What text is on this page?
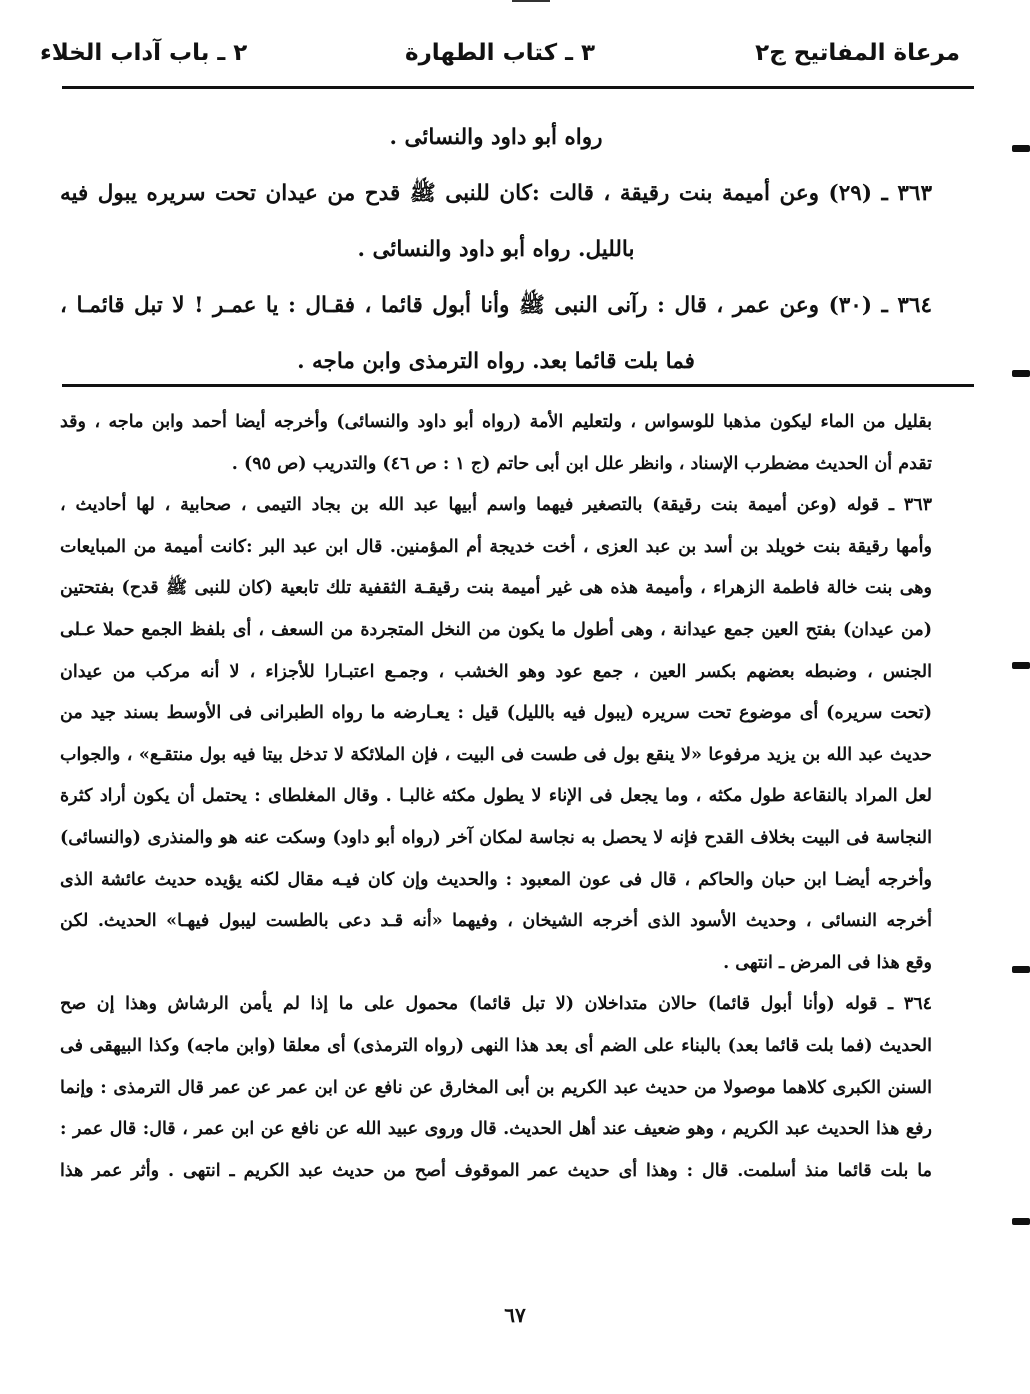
مرعاة المفاتيح ج٢
٣ ـ كتاب الطهارة
٢ ـ باب آداب الخلاء
رواه أبو داود والنسائى .
٣٦٣ ـ (٢٩) وعن أميمة بنت رقيقة ، قالت :كان للنبى ﷺ قدح من عيدان تحت سريره يبول فيه
بالليل. رواه أبو داود والنسائى .
٣٦٤ ـ (٣٠) وعن عمر ، قال : رآنى النبى ﷺ وأنا أبول قائما ، فقـال : يا عمـر ! لا تبل قائمـا ،
فما بلت قائما بعد. رواه الترمذى وابن ماجه .
بقليل من الماء ليكون مذهبا للوسواس ، ولتعليم الأمة (رواه أبو داود والنسائى) وأخرجه أيضا أحمد وابن ماجه ، وقد
تقدم أن الحديث مضطرب الإسناد ، وانظر علل ابن أبى حاتم (ج ١ : ص ٤٦) والتدريب (ص ٩٥) .
٣٦٣ ـ قوله (وعن أميمة بنت رقيقة) بالتصغير فيهما واسم أبيها عبد الله بن بجاد التيمى ، صحابية ، لها أحاديث ،
وأمها رقيقة بنت خويلد بن أسد بن عبد العزى ، أخت خديجة أم المؤمنين. قال ابن عبد البر :كانت أميمة من المبايعات
وهى بنت خالة فاطمة الزهراء ، وأميمة هذه هى غير أميمة بنت رقيقـة الثقفية تلك تابعية (كان للنبى ﷺ قدح) بفتحتين
(من عيدان) بفتح العين جمع عيدانة ، وهى أطول ما يكون من النخل المتجردة من السعف ، أى بلفظ الجمع حملا عـلى
الجنس ، وضبطه بعضهم بكسر العين ، جمع عود وهو الخشب ، وجمـع اعتبـارا للأجزاء ، لا أنه مركب من عيدان
(تحت سريره) أى موضوع تحت سريره (يبول فيه بالليل) قيل : يعـارضه ما رواه الطبرانى فى الأوسط بسند جيد من
حديث عبد الله بن يزيد مرفوعا «لا ينقع بول فى طست فى البيت ، فإن الملائكة لا تدخل بيتا فيه بول منتقـع» ، والجواب
لعل المراد بالنقاعة طول مكثه ، وما يجعل فى الإناء لا يطول مكثه غالبـا . وقال المغلطاى : يحتمل أن يكون أراد كثرة
النجاسة فى البيت بخلاف القدح فإنه لا يحصل به نجاسة لمكان آخر (رواه أبو داود) وسكت عنه هو والمنذرى (والنسائى)
وأخرجه أيضـا ابن حبان والحاكم ، قال فى عون المعبود : والحديث وإن كان فيـه مقال لكنه يؤيده حديث عائشة الذى
أخرجه النسائى ، وحديث الأسود الذى أخرجه الشيخان ، وفيهما «أنه قـد دعى بالطست ليبول فيهـا» الحديث. لكن
وقع هذا فى المرض ـ انتهى .
٣٦٤ ـ قوله (وأنا أبول قائما) حالان متداخلان (لا تبل قائما) محمول على ما إذا لم يأمن الرشاش وهذا إن صح
الحديث (فما بلت قائما بعد) بالبناء على الضم أى بعد هذا النهى (رواه الترمذى) أى معلقا (وابن ماجه) وكذا البيهقى فى
السنن الكبرى كلاهما موصولا من حديث عبد الكريم بن أبى المخارق عن نافع عن ابن عمر عن عمر قال الترمذى : وإنما
رفع هذا الحديث عبد الكريم ، وهو ضعيف عند أهل الحديث. قال وروى عبيد الله عن نافع عن ابن عمر ، قال: قال عمر :
ما بلت قائما منذ أسلمت. قال : وهذا أى حديث عمر الموقوف أصح من حديث عبد الكريم ـ انتهى . وأثر عمر هذا
٦٧
